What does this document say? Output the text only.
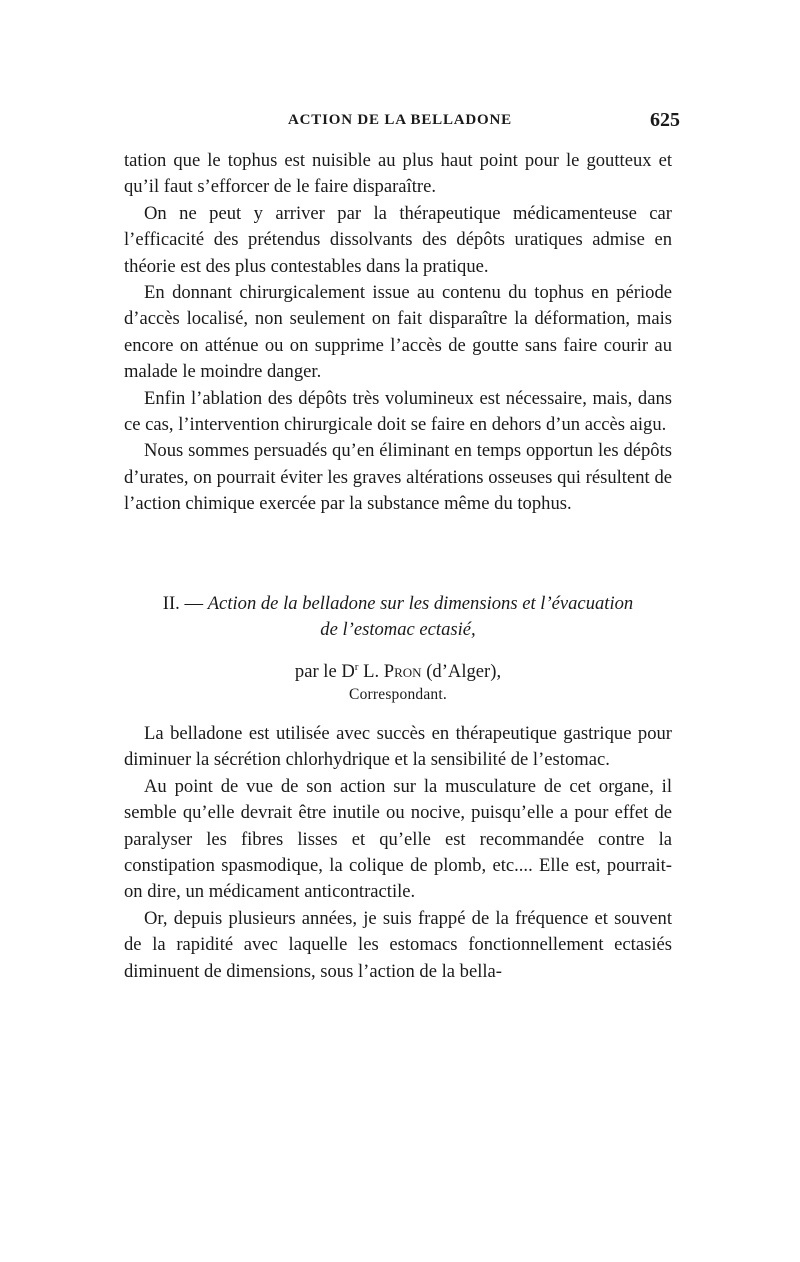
ACTION DE LA BELLADONE	625

tation que le tophus est nuisible au plus haut point pour le goutteux et qu’il faut s’efforcer de le faire disparaître.

On ne peut y arriver par la thérapeutique médicamenteuse car l’efficacité des prétendus dissolvants des dépôts uratiques admise en théorie est des plus contestables dans la pratique.

En donnant chirurgicalement issue au contenu du tophus en période d’accès localisé, non seulement on fait disparaître la déformation, mais encore on atténue ou on supprime l’accès de goutte sans faire courir au malade le moindre danger.

Enfin l’ablation des dépôts très volumineux est nécessaire, mais, dans ce cas, l’intervention chirurgicale doit se faire en dehors d’un accès aigu.

Nous sommes persuadés qu’en éliminant en temps opportun les dépôts d’urates, on pourrait éviter les graves altérations osseuses qui résultent de l’action chimique exercée par la substance même du tophus.

II. — Action de la belladone sur les dimensions et l’évacuation
de l’estomac ectasié,
par le $D^r$ L. Pron (d’Alger),
Correspondant.

La belladone est utilisée avec succès en thérapeutique gastrique pour diminuer la sécrétion chlorhydrique et la sensibilité de l’estomac.

Au point de vue de son action sur la musculature de cet organe, il semble qu’elle devrait être inutile ou nocive, puisqu’elle a pour effet de paralyser les fibres lisses et qu’elle est recommandée contre la constipation spasmodique, la colique de plomb, etc.... Elle est, pourrait-on dire, un médicament anticontractile.

Or, depuis plusieurs années, je suis frappé de la fréquence et souvent de la rapidité avec laquelle les estomacs fonctionnellement ectasiés diminuent de dimensions, sous l’action de la bella-
